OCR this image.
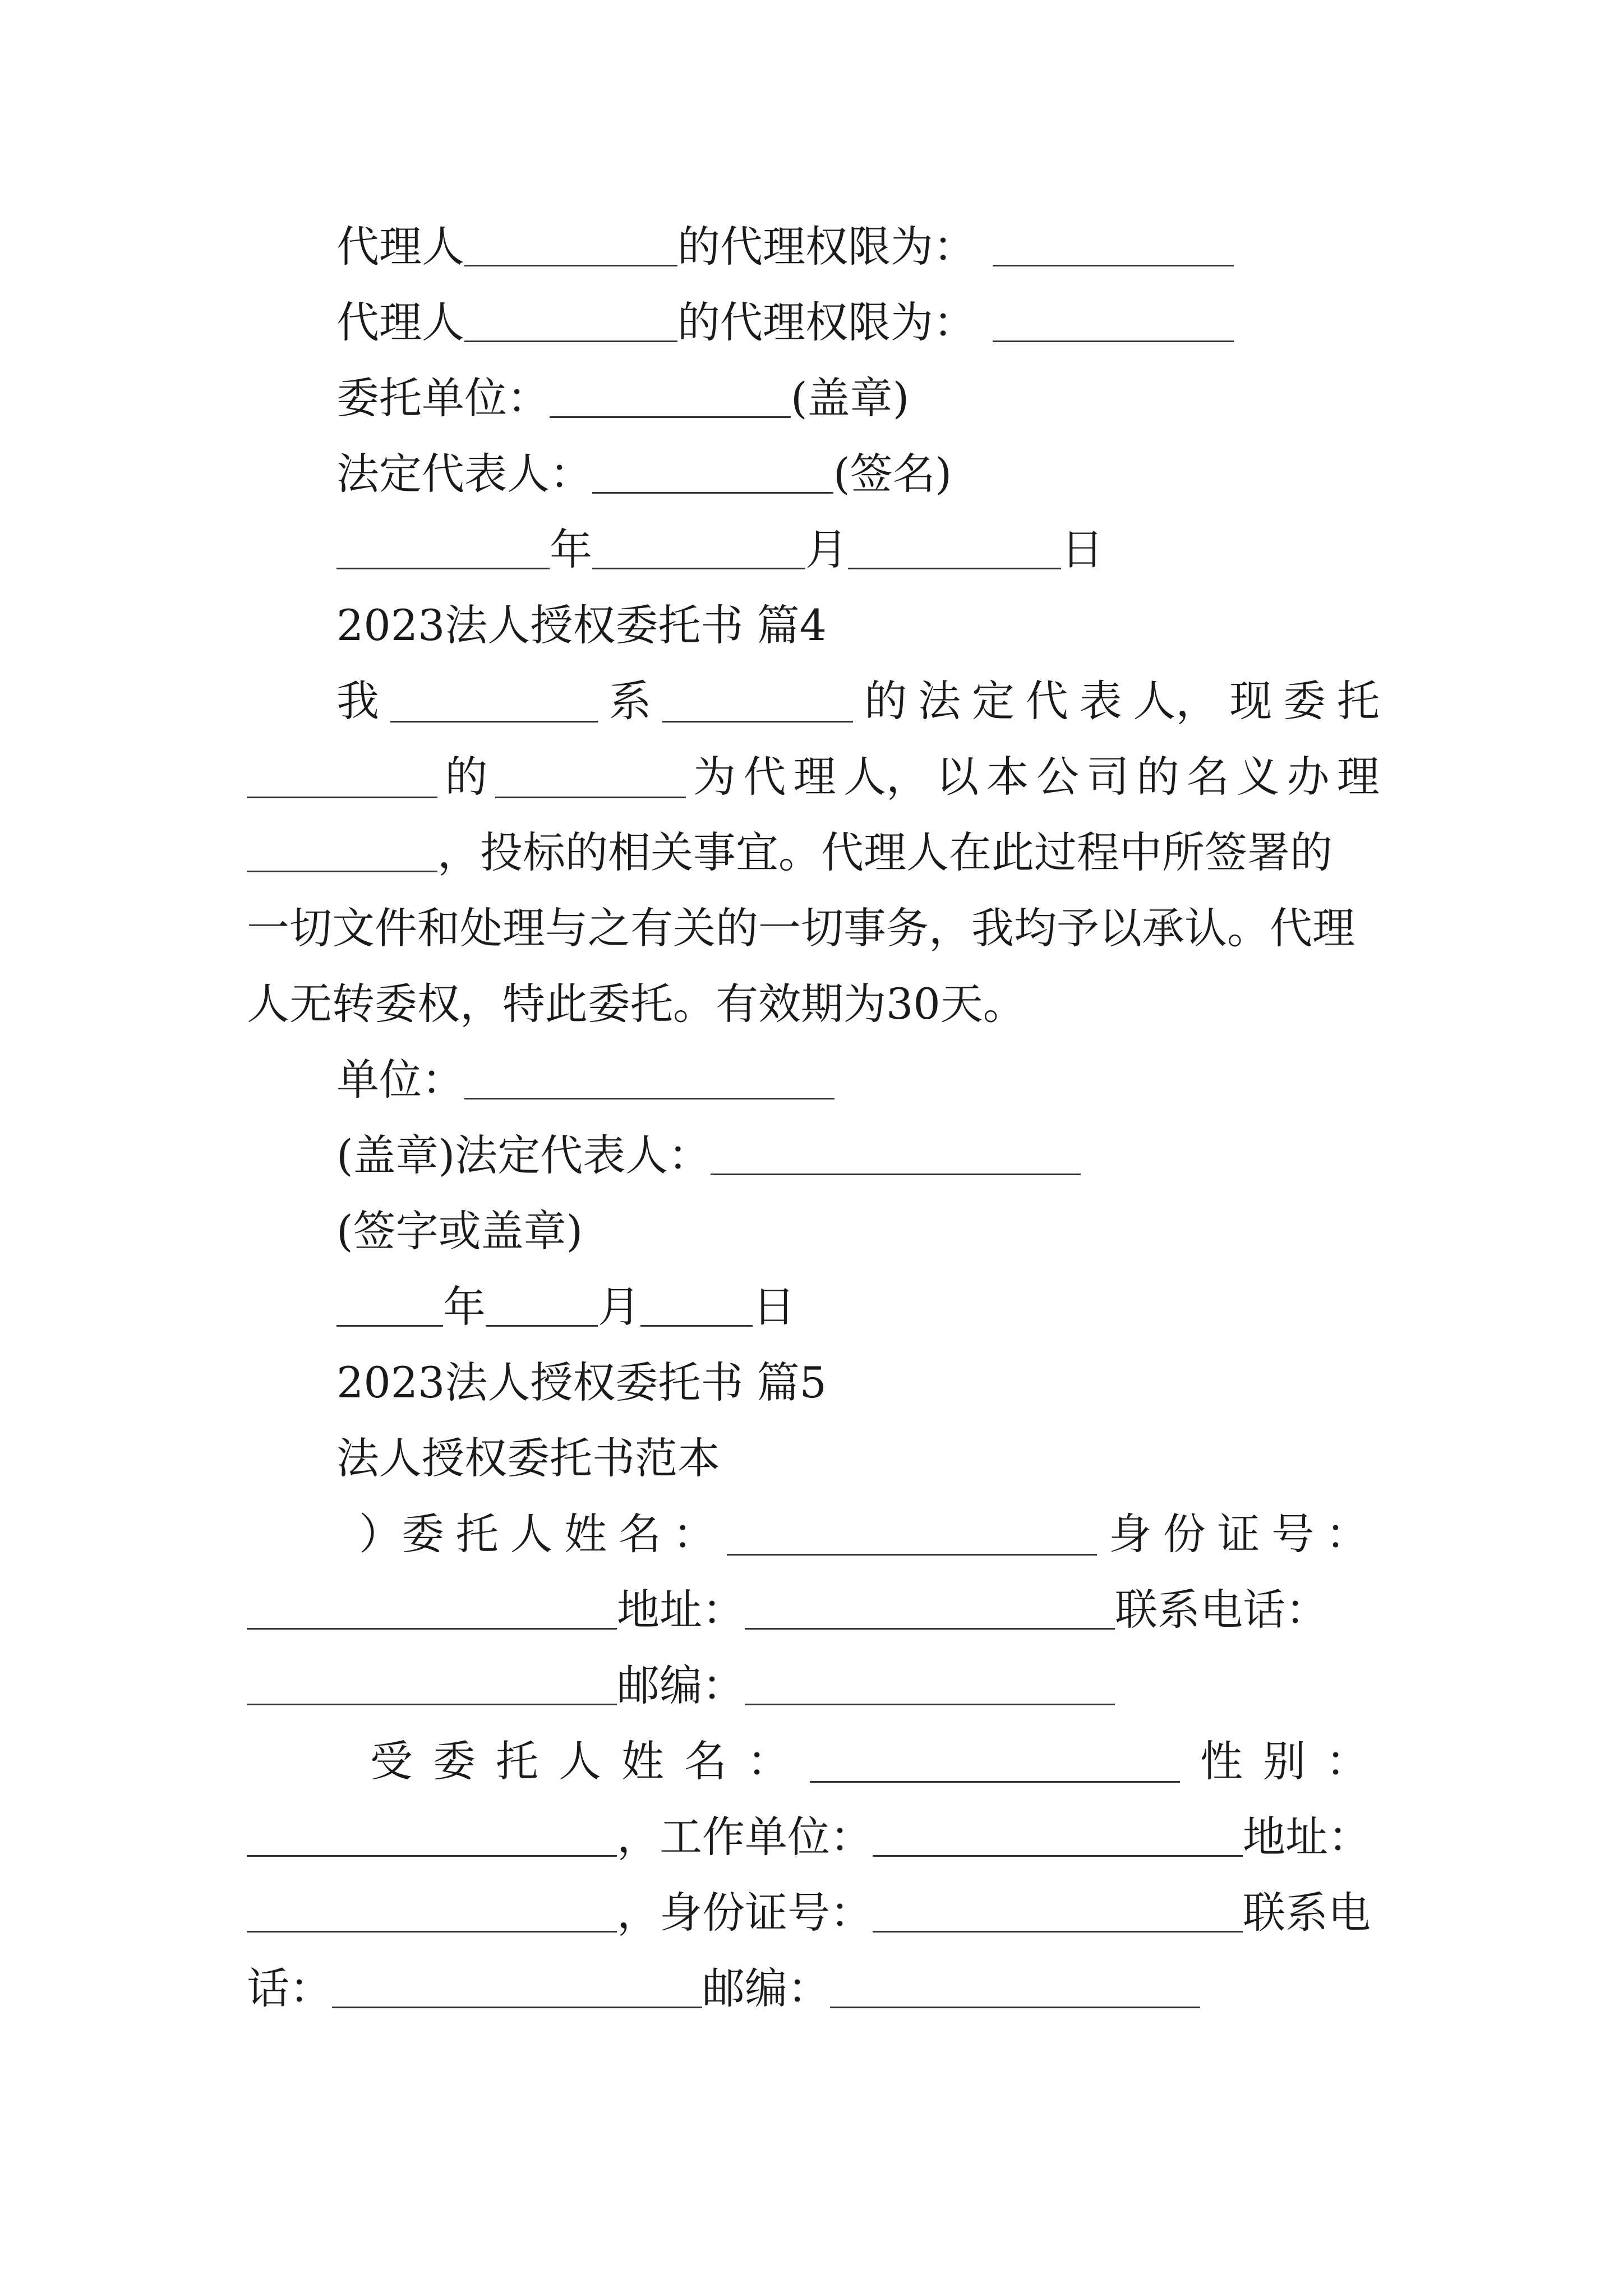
代理人	的代理权限为：
代理人	的代理权限为：
委托单位：	(盖章)
法定代表人：	(签名)
年	月	日
2023法人授权委托书 篇4
我	系	的 法 定 代 表 人， 现 委 托
的	为 代 理 人， 以 本 公 司 的 名 义 办 理
，投标的相关事宜。代理人在此过程中所签署的
一切文件和处理与之有关的一切事务，我均予以承认。代理
人无转委权，特此委托。有效期为30天。
单位：
(盖章)法定代表人：
(签字或盖章)
年	月	日
2023法人授权委托书 篇5
法人授权委托书范本
）委 托 人 姓 名 ：	身 份 证 号 ：
地址：	联系电话：
邮编：
受 委 托 人 姓 名 ：	性 别 ：
，工作单位：	地址：
，身份证号：	联系电
话：	邮编：
